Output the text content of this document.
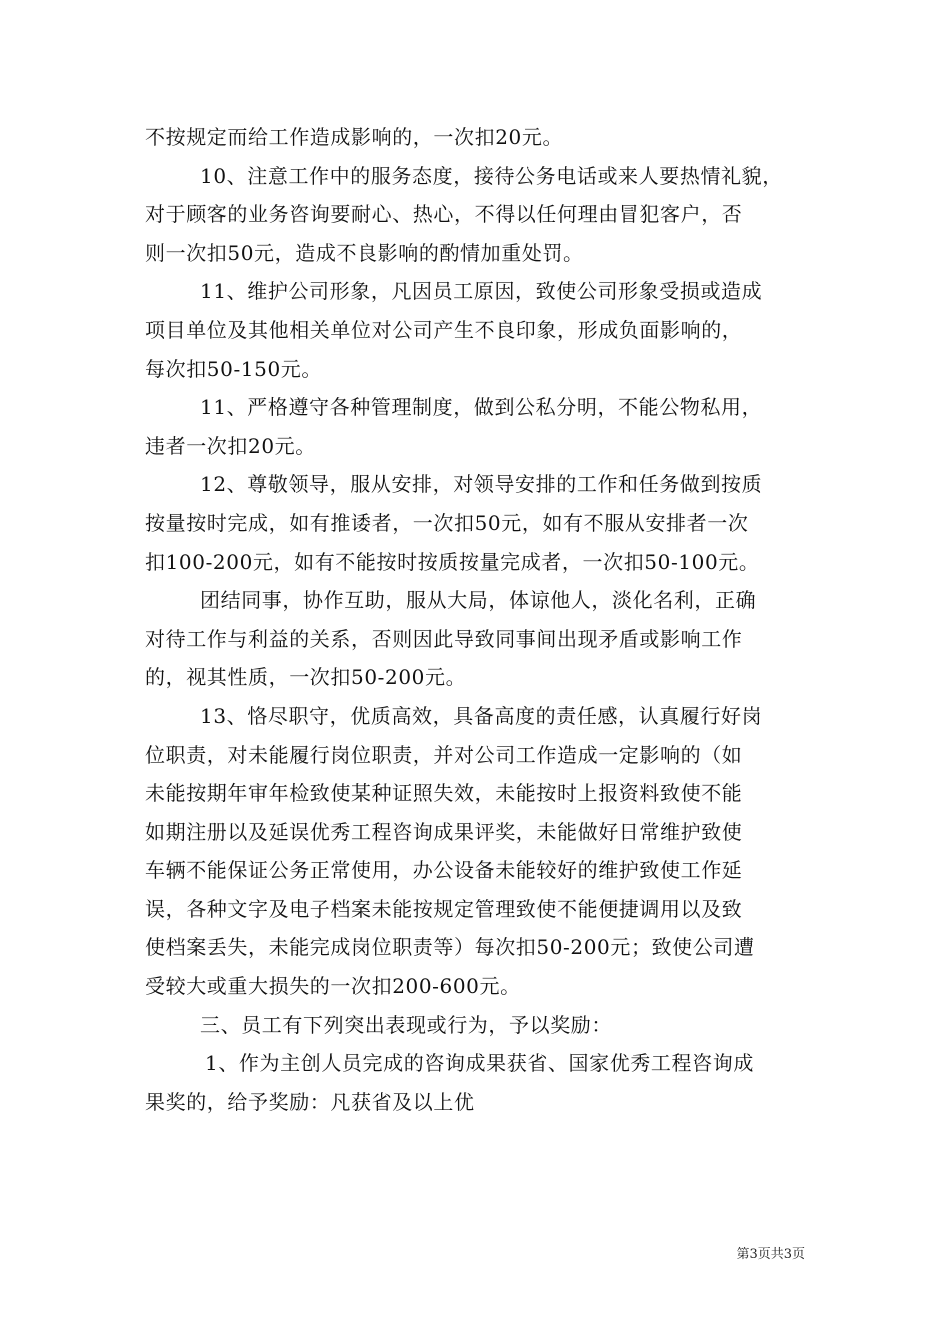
不按规定而给工作造成影响的，一次扣20元。
10、注意工作中的服务态度，接待公务电话或来人要热情礼貌，
对于顾客的业务咨询要耐心、热心，不得以任何理由冒犯客户，否
则一次扣50元，造成不良影响的酌情加重处罚。
11、维护公司形象，凡因员工原因，致使公司形象受损或造成
项目单位及其他相关单位对公司产生不良印象，形成负面影响的，
每次扣50-150元。
11、严格遵守各种管理制度，做到公私分明，不能公物私用，
违者一次扣20元。
12、尊敬领导，服从安排，对领导安排的工作和任务做到按质
按量按时完成，如有推诿者，一次扣50元，如有不服从安排者一次
扣100-200元，如有不能按时按质按量完成者，一次扣50-100元。
团结同事，协作互助，服从大局，体谅他人，淡化名利，正确
对待工作与利益的关系，否则因此导致同事间出现矛盾或影响工作
的，视其性质，一次扣50-200元。
13、恪尽职守，优质高效，具备高度的责任感，认真履行好岗
位职责，对未能履行岗位职责，并对公司工作造成一定影响的（如
未能按期年审年检致使某种证照失效，未能按时上报资料致使不能
如期注册以及延误优秀工程咨询成果评奖，未能做好日常维护致使
车辆不能保证公务正常使用，办公设备未能较好的维护致使工作延
误，各种文字及电子档案未能按规定管理致使不能便捷调用以及致
使档案丢失，未能完成岗位职责等）每次扣50-200元；致使公司遭
受较大或重大损失的一次扣200-600元。
三、员工有下列突出表现或行为，予以奖励：
1、作为主创人员完成的咨询成果获省、国家优秀工程咨询成
果奖的，给予奖励：凡获省及以上优
第3页共3页
